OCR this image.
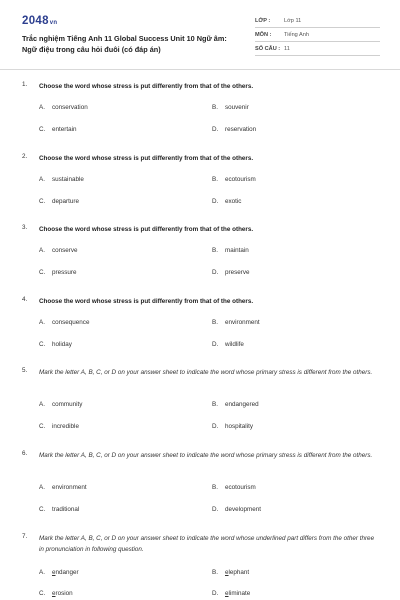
2048vn
Trắc nghiệm Tiếng Anh 11 Global Success Unit 10 Ngữ âm: Ngữ điệu trong câu hỏi đuôi (có đáp án)
LỚP : Lớp 11
MÔN : Tiếng Anh
SỐ CÂU : 11
1. Choose the word whose stress is put differently from that of the others.
A. conservation	B. souvenir
C. entertain	D. reservation
2. Choose the word whose stress is put differently from that of the others.
A. sustainable	B. ecotourism
C. departure	D. exotic
3. Choose the word whose stress is put differently from that of the others.
A. conserve	B. maintain
C. pressure	D. preserve
4. Choose the word whose stress is put differently from that of the others.
A. consequence	B. environment
C. holiday	D. wildlife
5. Mark the letter A, B, C, or D on your answer sheet to indicate the word whose primary stress is different from the others.
A. community	B. endangered
C. incredible	D. hospitality
6. Mark the letter A, B, C, or D on your answer sheet to indicate the word whose primary stress is different from the others.
A. environment	B. ecotourism
C. traditional	D. development
7. Mark the letter A, B, C, or D on your answer sheet to indicate the word whose underlined part differs from the other three in pronunciation in following question.
A. endanger	B. elephant
C. erosion	D. eliminate
